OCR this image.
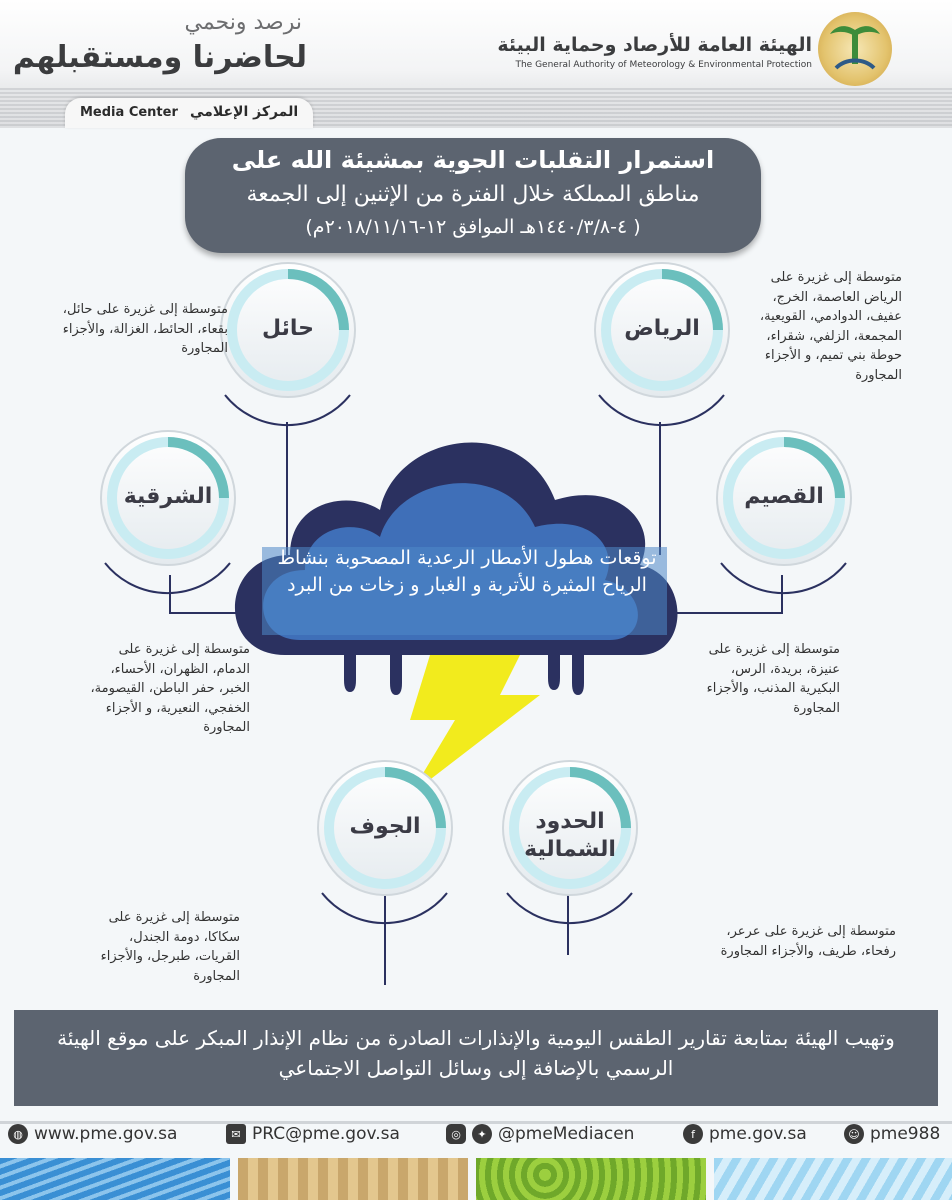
نرصد ونحمي
لحاضرنا ومستقبلهم
Media Center المركز الإعلامي
الهيئة العامة للأرصاد وحماية البيئة
The General Authority of Meteorology & Environmental Protection
استمرار التقلبات الجوية بمشيئة الله على
مناطق المملكة خلال الفترة من الإثنين إلى الجمعة
(٤-١٤٤٠/٣/٨هـ الموافق ١٢-٢٠١٨/١١/١٦م )
توقعات هطول الأمطار الرعدية المصحوبة بنشاط الرياح المثيرة للأتربة و الغبار و زخات من البرد
حائل	الرياض
الشرقية	القصيم
الجوف	الحدود
الشمالية
متوسطة إلى غزيرة على حائل، بقعاء، الحائط، الغزالة، والأجزاء المجاورة
متوسطة إلى غزيرة على الرياض العاصمة، الخرج، عفيف، الدوادمي، القويعية، المجمعة، الزلفي، شقراء، حوطة بني تميم، و الأجزاء المجاورة
متوسطة إلى غزيرة على الدمام، الظهران، الأحساء، الخبر، حفر الباطن، القيصومة، الخفجي، النعيرية، و الأجزاء المجاورة
متوسطة إلى غزيرة على عنيزة، بريدة، الرس، البكيرية المذنب، والأجزاء المجاورة
متوسطة إلى غزيرة على سكاكا، دومة الجندل، القريات، طبرجل، والأجزاء المجاورة
متوسطة إلى غزيرة على عرعر، رفحاء، طريف، والأجزاء المجاورة
وتهيب الهيئة بمتابعة تقارير الطقس اليومية والإنذارات الصادرة من نظام الإنذار المبكر على موقع الهيئة الرسمي بالإضافة إلى وسائل التواصل الاجتماعي
◍ www.pme.gov.sa	✉ PRC@pme.gov.sa	◎	✦ @pmeMediacen	f pme.gov.sa	☺ pme988
